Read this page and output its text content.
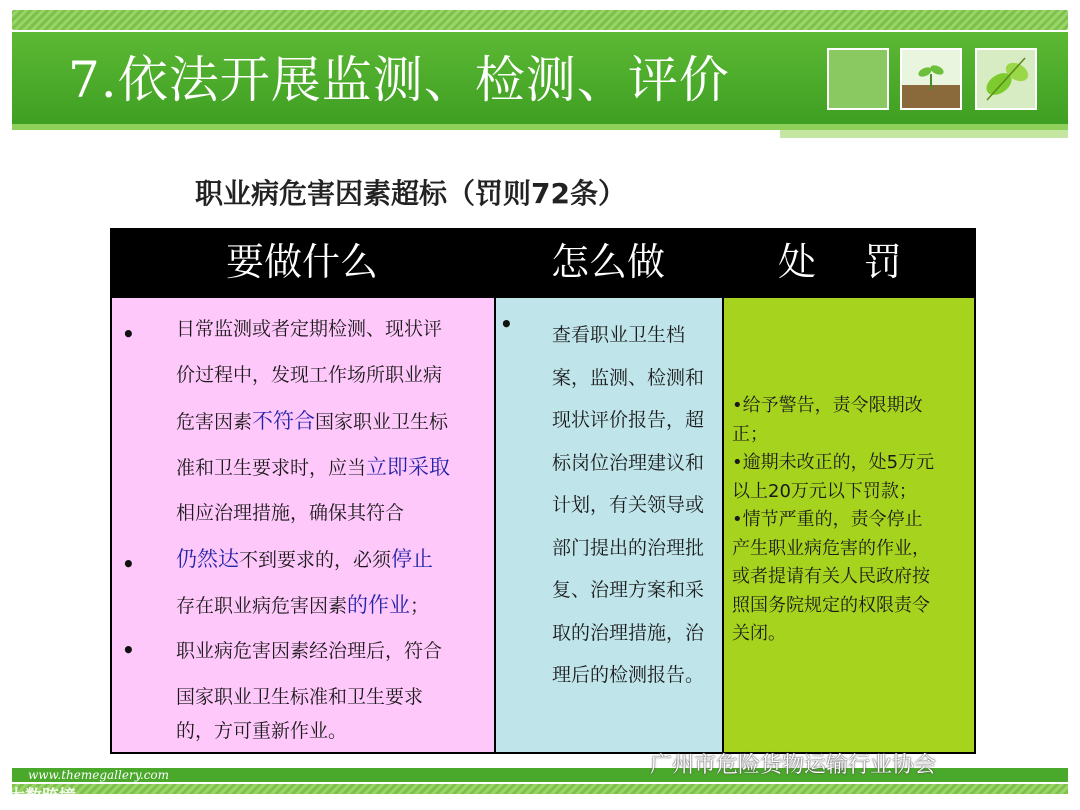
7.依法开展监测、检测、评价
职业病危害因素超标（罚则72条）
要做什么	怎么做	处 罚
•
•
•
日常监测或者定期检测、现状评
价过程中，发现工作场所职业病
危害因素不符合国家职业卫生标
准和卫生要求时，应当立即采取
相应治理措施，确保其符合
仍然达不到要求的，必须停止
存在职业病危害因素的作业；
职业病危害因素经治理后，符合
国家职业卫生标准和卫生要求
的，方可重新作业。
• 查看职业卫生档
案，监测、检测和
现状评价报告，超
标岗位治理建议和
计划，有关领导或
部门提出的治理批
复、治理方案和采
取的治理措施，治
理后的检测报告。
•给予警告，责令限期改
正；
•逾期未改正的，处5万元
以上20万元以下罚款；
•情节严重的，责令停止
产生职业病危害的作业，
或者提请有关人民政府按
照国务院规定的权限责令
关闭。
www.themegallery.com
大数跨境
广州市危险货物运输行业协会
